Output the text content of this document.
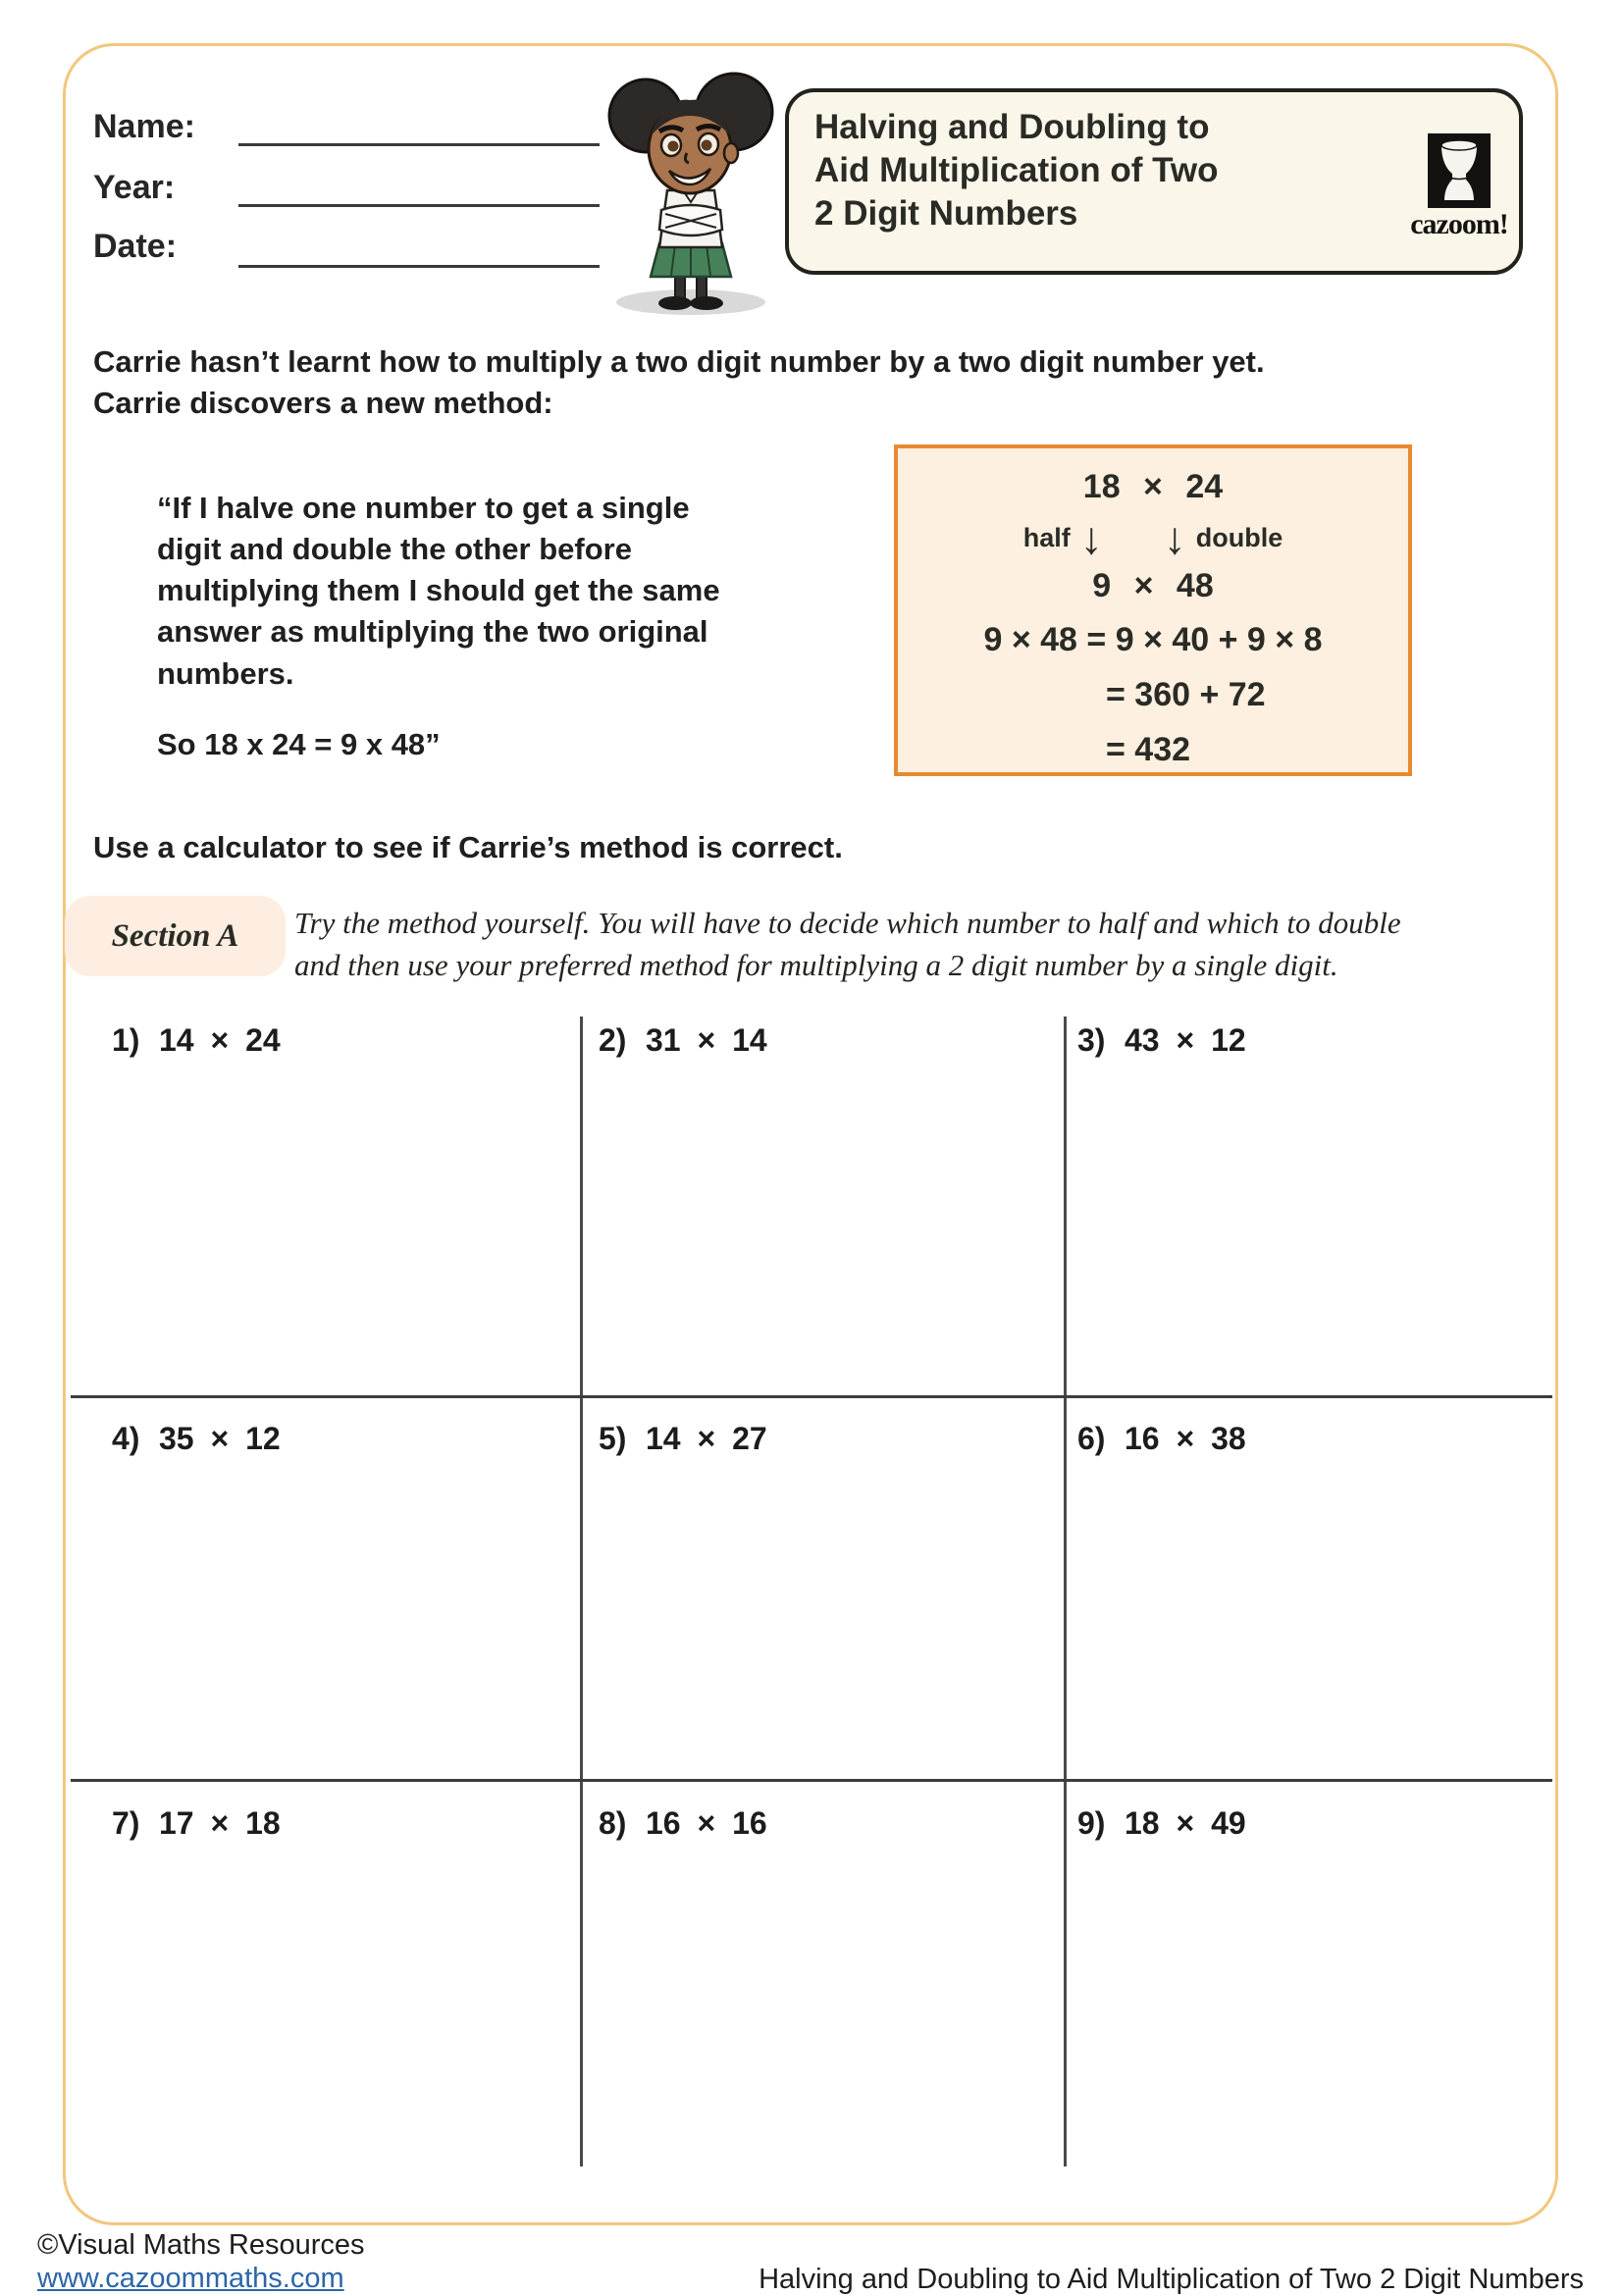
Name:
Year:
Date:
Halving and Doubling to
Aid Multiplication of Two
2 Digit Numbers	cazoom!
Carrie hasn’t learnt how to multiply a two digit number by a two digit number yet.
Carrie discovers a new method:
“If I halve one number to get a single
digit and double the other before
multiplying them I should get the same
answer as multiplying the two original
numbers.
So 18 x 24 = 9 x 48”
18 × 24
half ↓ ↓ double
9 × 48
9 × 48 = 9 × 40 + 9 × 8
= 360 + 72
= 432
Use a calculator to see if Carrie’s method is correct.
Section A Try the method yourself. You will have to decide which number to half and which to double
and then use your preferred method for multiplying a 2 digit number by a single digit.
1) 14 × 24	2) 31 × 14	3) 43 × 12
4) 35 × 12	5) 14 × 27	6) 16 × 38
7) 17 × 18	8) 16 × 16	9) 18 × 49
©Visual Maths Resources
www.cazoommaths.com	Halving and Doubling to Aid Multiplication of Two 2 Digit Numbers
